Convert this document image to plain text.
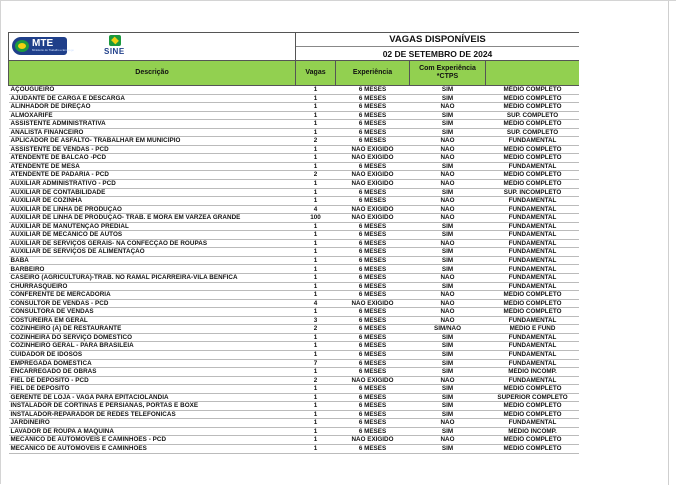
MTE
Ministério do Trabalho e Emprego SINE	VAGAS DISPONÍVEIS			
	02 DE SETEMBRO DE 2024			
Descrição	Vagas	Experiência	Com Experiência *CTPS	
AÇOUGUEIRO	1	6 MESES	SIM	MÉDIO COMPLETO
AJUDANTE DE CARGA E DESCARGA	1	6 MESES	SIM	MÉDIO COMPLETO
ALINHADOR DE DIREÇÃO	1	6 MESES	NÃO	MÉDIO COMPLETO
ALMOXARIFE	1	6 MESES	SIM	SUP. COMPLETO
ASSISTENTE ADMINISTRATIVA	1	6 MESES	SIM	MÉDIO COMPLETO
ANALISTA FINANCEIRO	1	6 MESES	SIM	SUP. COMPLETO
APLICADOR DE ASFALTO- TRABALHAR EM MUNICÍPIO	2	6 MESES	NÃO	FUNDAMENTAL
ASSISTENTE DE VENDAS - PCD	1	NÃO EXIGIDO	NÃO	MÉDIO COMPLETO
ATENDENTE DE BALCÃO -PCD	1	NÃO EXIGIDO	NÃO	MÉDIO COMPLETO
ATENDENTE DE MESA	1	6 MESES	SIM	FUNDAMENTAL
ATENDENTE DE PADARIA - PCD	2	NÃO EXIGIDO	NÃO	MÉDIO COMPLETO
AUXILIAR ADMINISTRATIVO - PCD	1	NÃO EXIGIDO	NÃO	MÉDIO COMPLETO
AUXILIAR DE CONTABILIDADE	1	6 MESES	SIM	SUP. INCOMPLETO
AUXILIAR DE COZINHA	1	6 MESES	NÃO	FUNDAMENTAL
AUXILIAR DE LINHA DE PRODUÇÃO	4	NÃO EXIGIDO	NÃO	FUNDAMENTAL
AUXILIAR DE LINHA DE PRODUÇÃO- TRAB. E MORA EM VARZEA GRANDE	100	NÃO EXIGIDO	NÃO	FUNDAMENTAL
AUXILIAR DE MANUTENÇÃO PREDIAL	1	6 MESES	SIM	FUNDAMENTAL
AUXILIAR DE MECÂNICO DE AUTOS	1	6 MESES	SIM	FUNDAMENTAL
AUXILIAR DE SERVIÇOS GERAIS- NA CONFECÇÃO DE ROUPAS	1	6 MESES	NÃO	FUNDAMENTAL
AUXILIAR DE SERVIÇOS DE ALIMENTAÇÃO	1	6 MESES	SIM	FUNDAMENTAL
BABÁ	1	6 MESES	SIM	FUNDAMENTAL
BARBEIRO	1	6 MESES	SIM	FUNDAMENTAL
CASEIRO (AGRICULTURA)-TRAB. NO RAMAL PICARREIRA-VILA BENFICA	1	6 MESES	NÃO	FUNDAMENTAL
CHURRASQUEIRO	1	6 MESES	SIM	FUNDAMENTAL
CONFERENTE DE MERCADORIA	1	6 MESES	NÃO	MÉDIO COMPLETO
CONSULTOR DE VENDAS - PCD	4	NÃO EXIGIDO	NÃO	MÉDIO COMPLETO
CONSULTORA DE VENDAS	1	6 MESES	NÃO	MÉDIO COMPLETO
COSTUREIRA EM GERAL	3	6 MESES	NÃO	FUNDAMENTAL
COZINHEIRO (A) DE RESTAURANTE	2	6 MESES	SIM/NÃO	MÉDIO E FUND
COZINHEIRA DO SERVIÇO DOMÉSTICO	1	6 MESES	SIM	FUNDAMENTAL
COZINHEIRO GERAL - PARA BRASILÉIA	1	6 MESES	SIM	FUNDAMENTAL
CUIDADOR DE IDOSOS	1	6 MESES	SIM	FUNDAMENTAL
EMPREGADA DOMÉSTICA	7	6 MESES	SIM	FUNDAMENTAL
ENCARREGADO DE OBRAS	1	6 MESES	SIM	MÉDIO INCOMP.
FIEL DE DEPÓSITO - PCD	2	NÃO EXIGIDO	NÃO	FUNDAMENTAL
FIEL DE DEPÓSITO	1	6 MESES	SIM	MÉDIO COMPLETO
GERENTE DE LOJA - VAGA PARA EPITACIOLÂNDIA	1	6 MESES	SIM	SUPERIOR COMPLETO
INSTALADOR DE CORTINAS E PERSIANAS, PORTAS E BOXE	1	6 MESES	SIM	MÉDIO COMPLETO
INSTALADOR-REPARADOR DE REDES TELEFÔNICAS	1	6 MESES	SIM	MÉDIO COMPLETO
JARDINEIRO	1	6 MESES	NÃO	FUNDAMENTAL
LAVADOR DE ROUPA A MAQUINA	1	6 MESES	SIM	MÉDIO INCOMP.
MECÂNICO DE AUTOMÓVEIS E CAMINHÕES - PCD	1	NÃO EXIGIDO	NÃO	MÉDIO COMPLETO
MECÂNICO DE AUTOMÓVEIS E CAMINHÕES	1	6 MESES	SIM	MÉDIO COMPLETO
